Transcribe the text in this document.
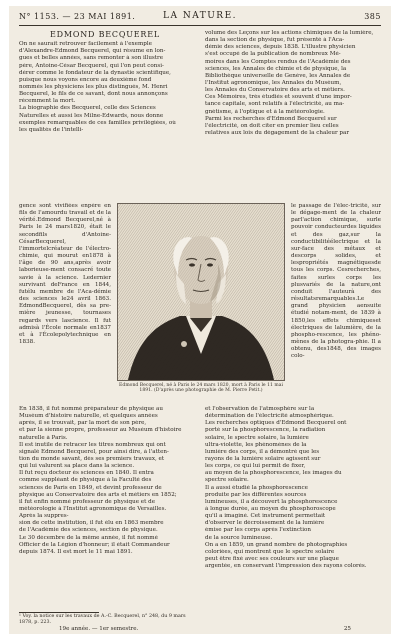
N° 1153. — 23 MAI 1891.	LA NATURE.	385
EDMOND BECQUEREL
On ne saurait retrouver facilement à l'exemple
d'Alexandre-Edmond Becquerel, qui résume en lon-
gues et belles années, sans remonter à son illustre
père, Antoine-César Becquerel, qui l'on peut consi-
dérer comme le fondateur de la dynastie scientifique,
puisque nous voyons encore au deuxième fond
nommés les physiciens les plus distingués, M. Henri
Becquerel, le fils de ce savant, dont nous annonçons
récemment la mort.
La biographie des Becquerel, celle des Sciences
Naturelles et aussi les Milne-Edwards, nous donne
exemples remarquables de ces familles privilégiées, où
les qualités de l'intelli-
volume des Leçons sur les actions chimiques de la lumière,
dans la section de physique, fut présenté à l'Aca-
démie des sciences, depuis 1838. L'illustre physicien
s'est occupé de la publication de nombreux Mé-
moires dans les Comptes rendus de l'Académie des
sciences, les Annales de chimie et de physique, la
Bibliothèque universelle de Genève, les Annales de
l'Institut agronomique, les Annales du Muséum,
les Annales du Conservatoire des arts et métiers.
Ces Mémoires, très étudiés et souvent d'une impor-
tance capitale, sont relatifs à l'électricité, au ma-
gnétisme, à l'optique et à la météorologie.
Parmi les recherches d'Edmond Becquerel sur
l'électricité, on doit citer en premier lieu celles
relatives aux lois du dégagement de la chaleur par
gence sont vivifiées enpère en fils de l'amourdu travail et de la vérité.Edmond Becquerel,né à Paris le 24 mars1820, était le secondfils d'Antoine-CésarBecquerel, l'immortelcréateur de l'électro-chimie, qui mourut en1878 à l'âge de 90 ans,après avoir laborieuse-ment consacré toute savie à la science. Ledernier survivant deFrance en 1844, futélu membre de l'Aca-démie des sciences le24 avril 1863. EdmondBecquerel, dès sa pre-mière jeunesse, tournases regards vers lascience. Il fut admisà l'École normale en1837 et à l'Écolepolytechnique en 1838.
le passage de l'élec-tricité, sur le dégage-ment de la chaleur parl'action chimique, surle pouvoir conducteurdes liquides et des gaz,sur la conductibilitéélectrique et la sur-face des métaux et descorps solides, et lespropriétés magnétiquesde tous les corps. Cesrecherches, faites surles corps les plusvariés de la nature,ont conduit l'auteurà des résultatsremarquables.Le grand physicien aensuite étudié notam-ment, de 1839 à 1850,les effets chimiqueset électriques de lalumière, de la phospho-rescence, les phéno-mènes de la photogra-phie. Il a obtenu, des1848, des images colo-
Edmond Becquerel, né à Paris le 24 mars 1820, mort à Paris le 11 mai 1891. (D'après une photographie de M. Pierre Petit.)
En 1838, il fut nommé préparateur de physique au
Muséum d'histoire naturelle, et quelques années
après, il se trouvait, par la mort de son père,
et par la sienne propre, professeur au Muséum d'histoire
naturelle à Paris.
Il est inutile de retracer les titres nombreux qui ont
signalé Edmond Becquerel, pour ainsi dire, à l'atten-
tion du monde savant, dès ses premiers travaux, et
qui lui valurent sa place dans la science.
Il fut reçu docteur ès sciences en 1840. Il entra
comme suppléant de physique à la Faculté des
sciences de Paris en 1849, et devint professeur de
physique au Conservatoire des arts et métiers en 1852;
il fut enfin nommé professeur de physique et de
météorologie à l'Institut agronomique de Versailles.
Après la suppres-
sion de cette institution, il fut élu en 1863 membre
de l'Académie des sciences, section de physique.
Le 30 décembre de la même année, il fut nommé
Officier de la Légion d'honneur; il était Commandeur
depuis 1874. Il est mort le 11 mai 1891.
et l'observation de l'atmosphère sur la
détermination de l'électricité atmosphérique.
Les recherches optiques d'Edmond Becquerel ont
porté sur la phosphorescence, la radiation
solaire, le spectre solaire, la lumière
ultra-violette, les phénomènes de la
lumière des corps, il a démontré que les
rayons de la lumière solaire agissent sur
les corps, ce qui lui permit de fixer,
au moyen de la phosphorescence, les images du
spectre solaire.
Il a aussi étudié la phosphorescence
produite par les différentes sources
lumineuses, il a découvert la phosphorescence
à longue durée, au moyen du phosphoroscope
qu'il a imaginé. Cet instrument permettait
d'observer le décroissement de la lumière
émise par les corps après l'extinction
de la source lumineuse.
On a en 1859, un grand nombre de photographies
coloriées, qui montrent que le spectre solaire
peut être fixé avec ses couleurs sur une plaque
argentée, en conservant l'impression des rayons colorés.
¹ Voy. la notice sur les travaux de A.-C. Becquerel, n° 248, du 9 mars 1878, p. 223.
19e année. — 1er semestre.	25
